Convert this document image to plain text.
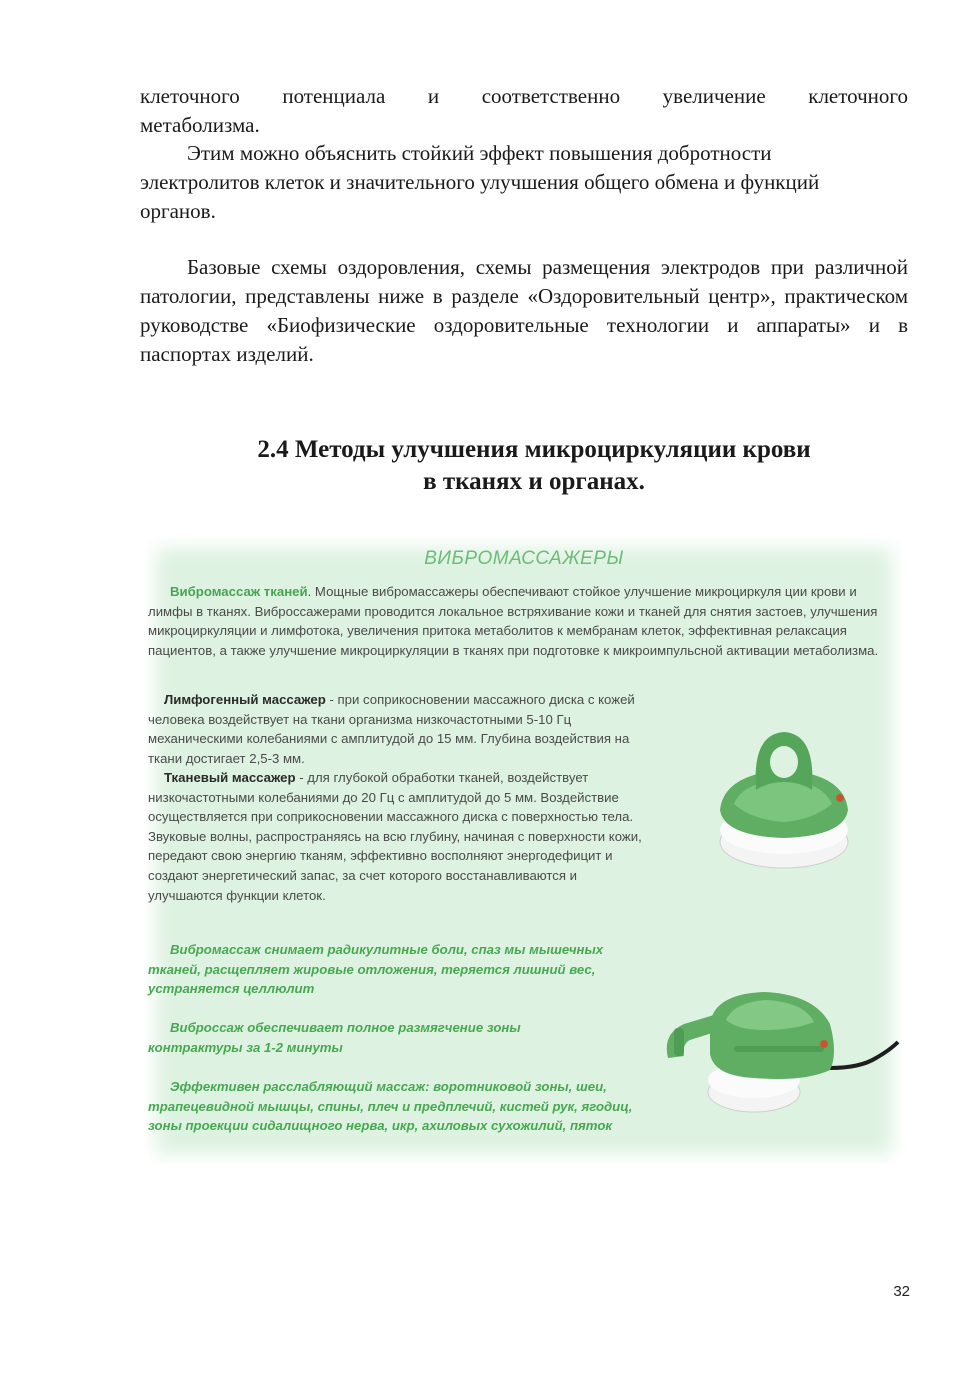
клеточного потенциала и соответственно увеличение клеточного
метаболизма.

Этим можно объяснить стойкий эффект повышения добротности электролитов клеток и значительного улучшения общего обмена и функций органов.

Базовые схемы оздоровления, схемы размещения электродов при различной патологии, представлены ниже в разделе «Оздоровительный центр», практическом руководстве «Биофизические оздоровительные технологии и аппараты» и в паспортах изделий.

2.4 Методы улучшения микроциркуляции крови
в тканях и органах.
ВИБРОМАССАЖЕРЫ

Вибромассаж тканей. Мощные вибромассажеры обеспечивают стойкое улучшение микроциркуля ции крови и лимфы в тканях. Виброссажерами проводится локальное встряхивание кожи и тканей для снятия застоев, улучшения микроциркуляции и лимфотока, увеличения притока метаболитов к мембранам клеток, эффективная релаксация пациентов, а также улучшение микроциркуляции в тканях при подготовке к микроимпульсной активации метаболизма.

Лимфогенный массажер - при соприкосновении массажного диска с кожей человека воздействует на ткани организма низкочастотными 5-10 Гц механическими колебаниями с амплитудой до 15 мм. Глубина воздействия на ткани достигает 2,5-3 мм.

Тканевый массажер - для глубокой обработки тканей, воздействует низкочастотными колебаниями до 20 Гц с амплитудой до 5 мм. Воздействие осуществляется при соприкосновении массажного диска с поверхностью тела. Звуковые волны, распространяясь на всю глубину, начиная с поверхности кожи, передают свою энергию тканям, эффективно восполняют энергодефицит и создают энергетический запас, за счет которого восстанавливаются и улучшаются функции клеток.

Вибромассаж снимает радикулитные боли, спаз мы мышечных тканей, расщепляет жировые отложения, теряется лишний вес, устраняется целлюлит

Виброссаж обеспечивает полное размягчение зоны контрактуры за 1-2 минуты

Эффективен расслабляющий массаж: воротниковой зоны, шеи, трапецевидной мышцы, спины, плеч и предплечий, кистей рук, ягодиц, зоны проекции сидалищного нерва, икр, ахиловых сухожилий, пяток

32
